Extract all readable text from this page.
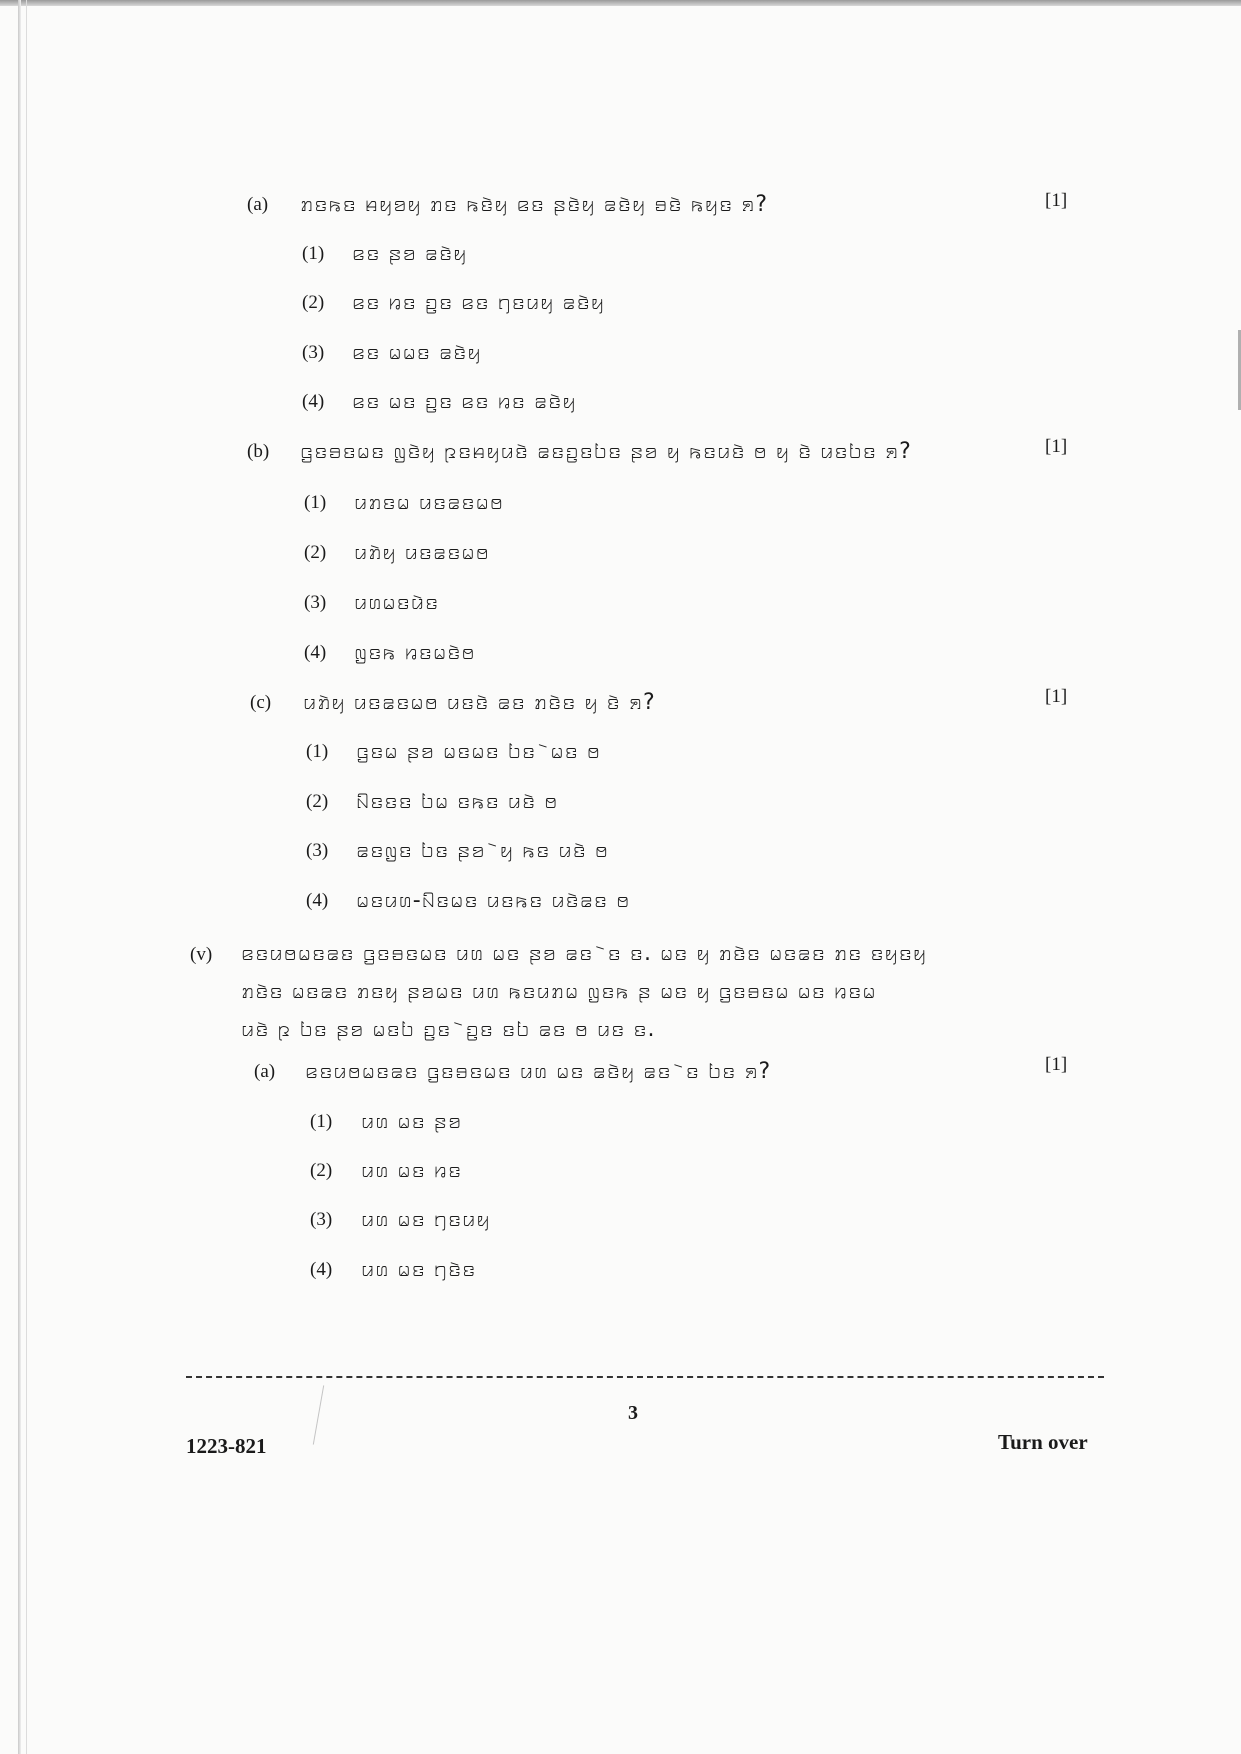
(a) ꤊꤢꤒꤢ ꤌꤟꤤꤟ ꤊꤢ ꤒꤢꤧꤟ ꤕꤢ ꤔꤢꤧꤟ ꤘꤢꤧꤟ ꤋꤢꤧ ꤒꤟꤢ ꤎ?	[1]
(1) ꤕꤢ ꤔꤤ ꤘꤢꤧꤟ
(2) ꤕꤢ ꤙꤢ ꤑꤢ ꤕꤢ ꤚꤢꤣꤟ ꤘꤢꤧꤟ
(3) ꤕꤢ ꤗꤗꤢ ꤘꤢꤧꤟ
(4) ꤕꤢ ꤗꤢ ꤑꤢ ꤕꤢ ꤙꤢ ꤘꤢꤧꤟ
(b) ꤞꤢꤋꤢꤗꤢ ꤜꤢꤧꤟ ꤐꤢꤌꤟꤣꤢꤧ ꤘꤢꤑꤢꤝꤢ ꤔꤤ ꤟ ꤒꤢꤣꤢꤧ ꤥ ꤟ ꤢꤧ ꤣꤢꤝꤢ ꤎ?	[1]
(1) ꤣꤊꤢꤗ ꤣꤢꤘꤢꤗꤥ
(2) ꤣꤊꤧꤟ ꤣꤢꤘꤢꤗꤥ
(3) ꤣꤛꤗꤢꤣꤧꤢ
(4) ꤜꤢꤒ ꤙꤢꤗꤢꤧꤥ
(c) ꤣꤊꤧꤟ ꤣꤢꤘꤢꤗꤥ ꤣꤢꤢꤧ ꤘꤢ ꤊꤢꤧꤢ ꤟ ꤢꤧ ꤎ?	[1]
(1) ꤞꤢꤗ ꤔꤤ ꤗꤢꤗꤢ ꤝꤢ ꤧꤗꤢ ꤥ
(2) ꤡꤢꤢꤢ ꤝꤗ ꤢꤒꤢ ꤣꤢꤧ ꤥ
(3) ꤘꤢꤜꤢ ꤝꤢ ꤔꤤ ꤧꤟ ꤒꤢ ꤣꤢꤧ ꤥ
(4) ꤗꤢꤣꤛ-ꤡꤢꤗꤢ ꤣꤢꤒꤢ ꤣꤢꤧꤘꤢ ꤥ
(v) ꤕꤢꤣꤥꤗꤢꤘꤢ ꤞꤢꤋꤢꤗꤢ ꤣꤛ ꤗꤢ ꤔꤤ ꤘꤢ ꤧꤢ ꤢ. ꤗꤢ ꤟ ꤊꤢꤧꤢ ꤗꤢꤘꤢ ꤊꤢ ꤢꤟꤢꤟ
ꤊꤢꤧꤢ ꤗꤢꤘꤢ ꤊꤢꤟ ꤔꤤꤗꤢ ꤣꤛ ꤒꤢꤣꤊꤗ ꤜꤢꤒ ꤔ ꤗꤢ ꤟ ꤞꤢꤋꤢꤗ ꤗꤢ ꤙꤢꤗ
ꤣꤢꤧ ꤐ ꤝꤢ ꤔꤤ ꤗꤢꤝ ꤑꤢ ꤧꤑꤢ ꤢꤝ ꤘꤢ ꤥ ꤣꤢ ꤢ.
(a) ꤕꤢꤣꤥꤗꤢꤘꤢ ꤞꤢꤋꤢꤗꤢ ꤣꤛ ꤗꤢ ꤘꤢꤧꤟ ꤘꤢ ꤧꤢ ꤝꤢ ꤎ?	[1]
(1) ꤣꤛ ꤗꤢ ꤔꤤ
(2) ꤣꤛ ꤗꤢ ꤙꤢ
(3) ꤣꤛ ꤗꤢ ꤚꤢꤣꤟ
(4) ꤣꤛ ꤗꤢ ꤚꤢꤧꤢ
3
1223-821	Turn over
